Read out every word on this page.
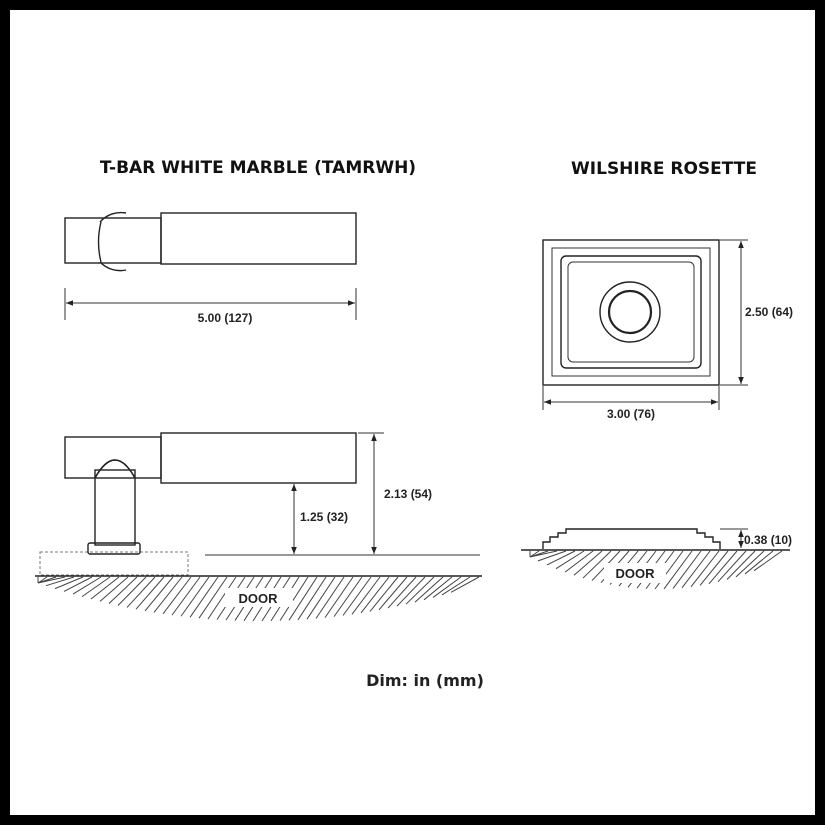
T-BAR WHITE MARBLE (TAMRWH)	WILSHIRE ROSETTE
5.00 (127)
2.13 (54)
1.25 (32)
DOOR
2.50 (64)
3.00 (76)
0.38 (10)
DOOR
Dim: in (mm)
